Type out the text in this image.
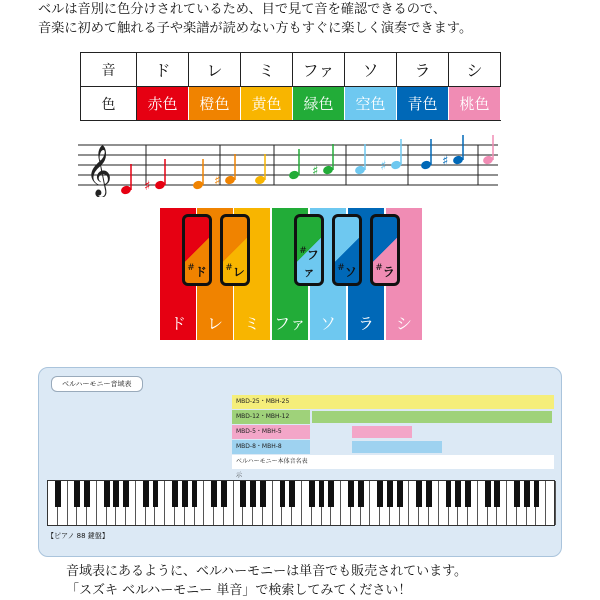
ベルは音別に色分けされているため、目で見て音を確認できるので、
音楽に初めて触れる子や楽譜が読めない方もすぐに楽しく演奏できます。
音	ド	レ	ミ	ファ	ソ	ラ	シ
色	赤色	橙色	黄色	緑色	空色	青色	桃色
𝄞 ♯	♯
♯	♯	♯
ド	レ	ミ ファ ソ	ラ	シ
#ド #レ
#ファ	#ソ #ラ
ベルハーモニー音域表
MBD-25・MBH-25
MBD-12・MBH-12
MBD-5・MBH-5
MBD-8・MBH-8
ベルハーモニー本体音名表示
【ピアノ 88 鍵盤】
音域表にあるように、ベルハーモニーは単音でも販売されています。
「スズキ ベルハーモニー 単音」で検索してみてください！
